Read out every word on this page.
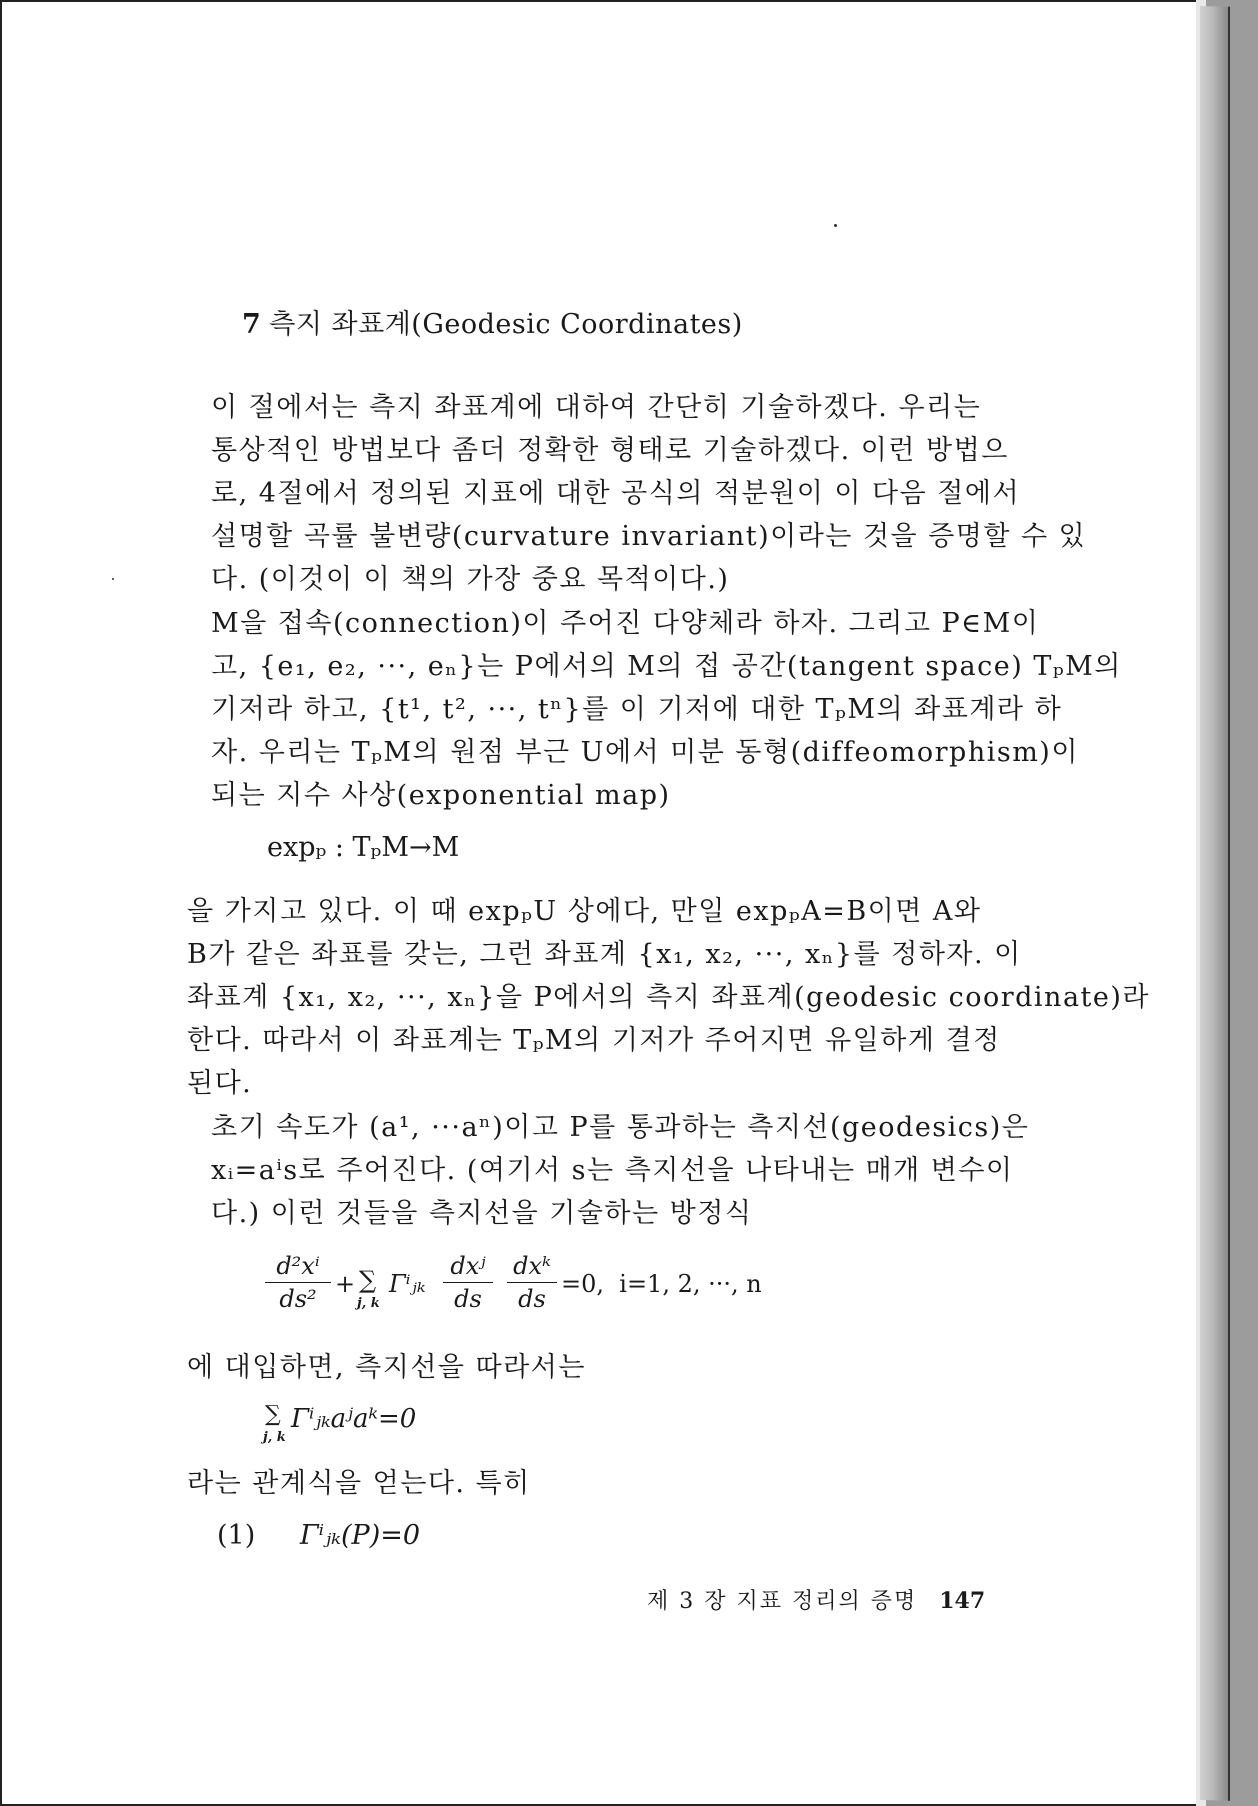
7 측지 좌표계(Geodesic Coordinates)
이 절에서는 측지 좌표계에 대하여 간단히 기술하겠다. 우리는
통상적인 방법보다 좀더 정확한 형태로 기술하겠다. 이런 방법으
로, 4절에서 정의된 지표에 대한 공식의 적분원이 이 다음 절에서
설명할 곡률 불변량(curvature invariant)이라는 것을 증명할 수 있
다. (이것이 이 책의 가장 중요 목적이다.)
M을 접속(connection)이 주어진 다양체라 하자. 그리고 P∈M이
고, {e₁, e₂, ···, eₙ}는 P에서의 M의 접 공간(tangent space) TₚM의
기저라 하고, {t¹, t², ···, tⁿ}를 이 기저에 대한 TₚM의 좌표계라 하
자. 우리는 TₚM의 원점 부근 U에서 미분 동형(diffeomorphism)이
되는 지수 사상(exponential map)
expₚ : TₚM→M
을 가지고 있다. 이 때 expₚU 상에다, 만일 expₚA=B이면 A와
B가 같은 좌표를 갖는, 그런 좌표계 {x₁, x₂, ···, xₙ}를 정하자. 이
좌표계 {x₁, x₂, ···, xₙ}을 P에서의 측지 좌표계(geodesic coordinate)라
한다. 따라서 이 좌표계는 TₚM의 기저가 주어지면 유일하게 결정
된다.
초기 속도가 (a¹, ···aⁿ)이고 P를 통과하는 측지선(geodesics)은
xᵢ=aⁱs로 주어진다. (여기서 s는 측지선을 나타내는 매개 변수이
다.) 이런 것들을 측지선을 기술하는 방정식
d²xⁱ
ds²
+ ∑
j, k
Γⁱⱼₖ
dxʲ
ds
dxᵏ
ds
=0,  i=1, 2, ···, n
에 대입하면, 측지선을 따라서는
∑
j, k
Γⁱⱼₖaʲaᵏ=0
라는 관계식을 얻는다. 특히
(1) Γⁱⱼₖ(P)=0
제 3 장 지표 정리의 증명 147
